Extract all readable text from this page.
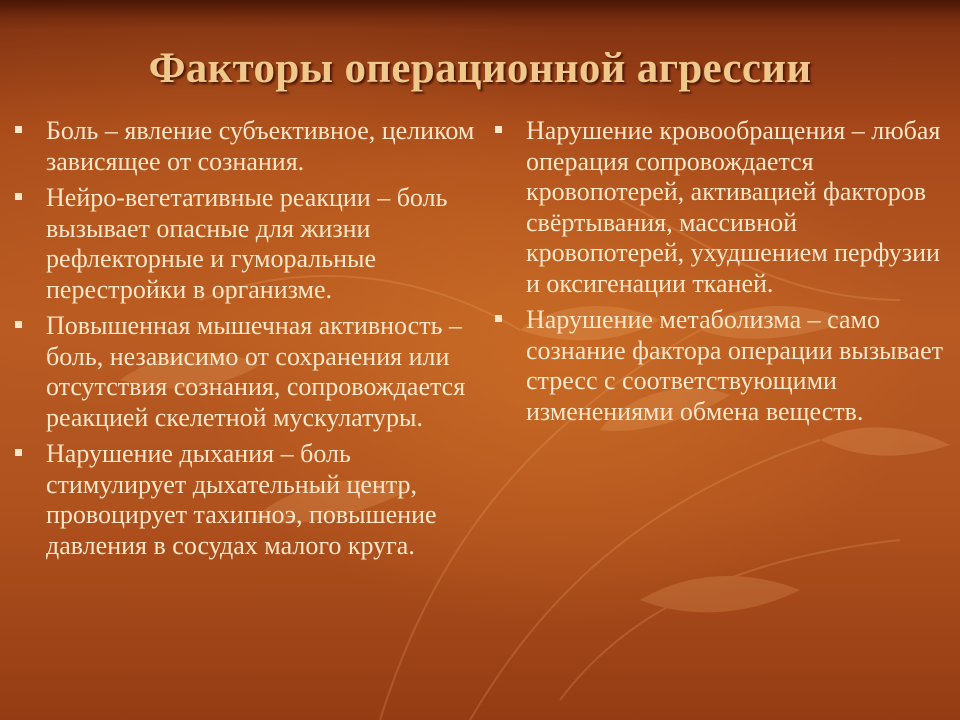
Факторы операционной агрессии
Боль – явление субъективное, целиком зависящее от сознания.
Нейро-вегетативные реакции – боль вызывает опасные для жизни рефлекторные и гуморальные перестройки в организме.
Повышенная мышечная активность – боль, независимо от сохранения или отсутствия сознания, сопровождается реакцией скелетной мускулатуры.
Нарушение дыхания – боль стимулирует дыхательный центр, провоцирует тахипноэ, повышение давления в сосудах малого круга.
Нарушение кровообращения – любая операция сопровождается кровопотерей, активацией факторов свёртывания, массивной кровопотерей, ухудшением перфузии и оксигенации тканей.
Нарушение метаболизма – само сознание фактора операции вызывает стресс с соответствующими изменениями обмена веществ.
